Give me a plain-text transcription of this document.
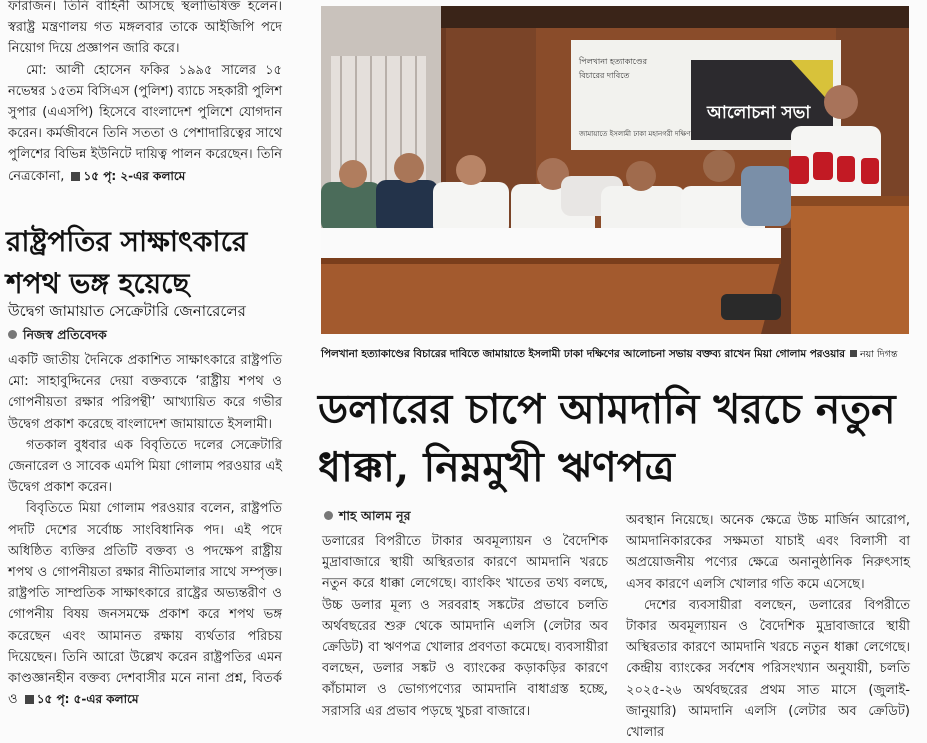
ফারাজন। তিনি বাহিনী আসছে স্থলাভিষিক্ত হলেন। স্বরাষ্ট্র মন্ত্রণালয় গত মঙ্গলবার তাকে আইজিপি পদে নিয়োগ দিয়ে প্রজ্ঞাপন জারি করে।

মো: আলী হোসেন ফকির ১৯৯৫ সালের ১৫ নভেম্বর ১৫তম বিসিএস (পুলিশ) ব্যাচে সহকারী পুলিশ সুপার (এএসপি) হিসেবে বাংলাদেশ পুলিশে যোগদান করেন। কর্মজীবনে তিনি সততা ও পেশাদারিত্বের সাথে পুলিশের বিভিন্ন ইউনিটে দায়িত্ব পালন করেছেন। তিনি নেত্রকোনা, ১৫ পৃ: ২-এর কলামে

রাষ্ট্রপতির সাক্ষাৎকারে শপথ ভঙ্গ হয়েছে
উদ্বেগ জামায়াত সেক্রেটারি জেনারেলের
নিজস্ব প্রতিবেদক

একটি জাতীয় দৈনিকে প্রকাশিত সাক্ষাৎকারে রাষ্ট্রপতি মো: সাহাবুদ্দিনের দেয়া বক্তব্যকে ‘রাষ্ট্রীয় শপথ ও গোপনীয়তা রক্ষার পরিপন্থী’ আখ্যায়িত করে গভীর উদ্বেগ প্রকাশ করেছে বাংলাদেশ জামায়াতে ইসলামী।

গতকাল বুধবার এক বিবৃতিতে দলের সেক্রেটারি জেনারেল ও সাবেক এমপি মিয়া গোলাম পরওয়ার এই উদ্বেগ প্রকাশ করেন।

বিবৃতিতে মিয়া গোলাম পরওয়ার বলেন, রাষ্ট্রপতি পদটি দেশের সর্বোচ্চ সাংবিধানিক পদ। এই পদে অধিষ্ঠিত ব্যক্তির প্রতিটি বক্তব্য ও পদক্ষেপ রাষ্ট্রীয় শপথ ও গোপনীয়তা রক্ষার নীতিমালার সাথে সম্পৃক্ত। রাষ্ট্রপতি সাম্প্রতিক সাক্ষাৎকারে রাষ্ট্রের অভ্যন্তরীণ ও গোপনীয় বিষয় জনসমক্ষে প্রকাশ করে শপথ ভঙ্গ করেছেন এবং আমানত রক্ষায় ব্যর্থতার পরিচয় দিয়েছেন। তিনি আরো উল্লেখ করেন রাষ্ট্রপতির এমন কাণ্ডজ্ঞানহীন বক্তব্য দেশবাসীর মনে নানা প্রশ্ন, বিতর্ক ও ১৫ পৃ: ৫-এর কলামে

আলোচনা সভা
পিলখানা হত্যাকাণ্ডের
বিচারের দাবিতে
জামায়াতে ইসলামী ঢাকা মহানগরী দক্ষিণ
পিলখানা হত্যাকাণ্ডের বিচারের দাবিতে জামায়াতে ইসলামী ঢাকা দক্ষিণের আলোচনা সভায় বক্তব্য রাখেন মিয়া গোলাম পরওয়ার নয়া দিগন্ত
ডলারের চাপে আমদানি খরচে নতুন ধাক্কা, নিম্নমুখী ঋণপত্র
শাহ আলম নূর

ডলারের বিপরীতে টাকার অবমূল্যায়ন ও বৈদেশিক মুদ্রাবাজারে স্থায়ী অস্থিরতার কারণে আমদানি খরচে নতুন করে ধাক্কা লেগেছে। ব্যাংকিং খাতের তথ্য বলছে, উচ্চ ডলার মূল্য ও সরবরাহ সঙ্কটের প্রভাবে চলতি অর্থবছরের শুরু থেকে আমদানি এলসি (লেটার অব ক্রেডিট) বা ঋণপত্র খোলার প্রবণতা কমেছে। ব্যবসায়ীরা বলছেন, ডলার সঙ্কট ও ব্যাংকের কড়াকড়ির কারণে কাঁচামাল ও ভোগ্যপণ্যের আমদানি বাধাগ্রস্ত হচ্ছে, সরাসরি এর প্রভাব পড়ছে খুচরা বাজারে।

অবস্থান নিয়েছে। অনেক ক্ষেত্রে উচ্চ মার্জিন আরোপ, আমদানিকারকের সক্ষমতা যাচাই এবং বিলাসী বা অপ্রয়োজনীয় পণ্যের ক্ষেত্রে অনানুষ্ঠানিক নিরুৎসাহ এসব কারণে এলসি খোলার গতি কমে এসেছে।

দেশের ব্যবসায়ীরা বলছেন, ডলারের বিপরীতে টাকার অবমূল্যায়ন ও বৈদেশিক মুদ্রাবাজারে স্থায়ী অস্থিরতার কারণে আমদানি খরচে নতুন ধাক্কা লেগেছে। কেন্দ্রীয় ব্যাংকের সর্বশেষ পরিসংখ্যান অনুযায়ী, চলতি ২০২৫-২৬ অর্থবছরের প্রথম সাত মাসে (জুলাই-জানুয়ারি) আমদানি এলসি (লেটার অব ক্রেডিট) খোলার
